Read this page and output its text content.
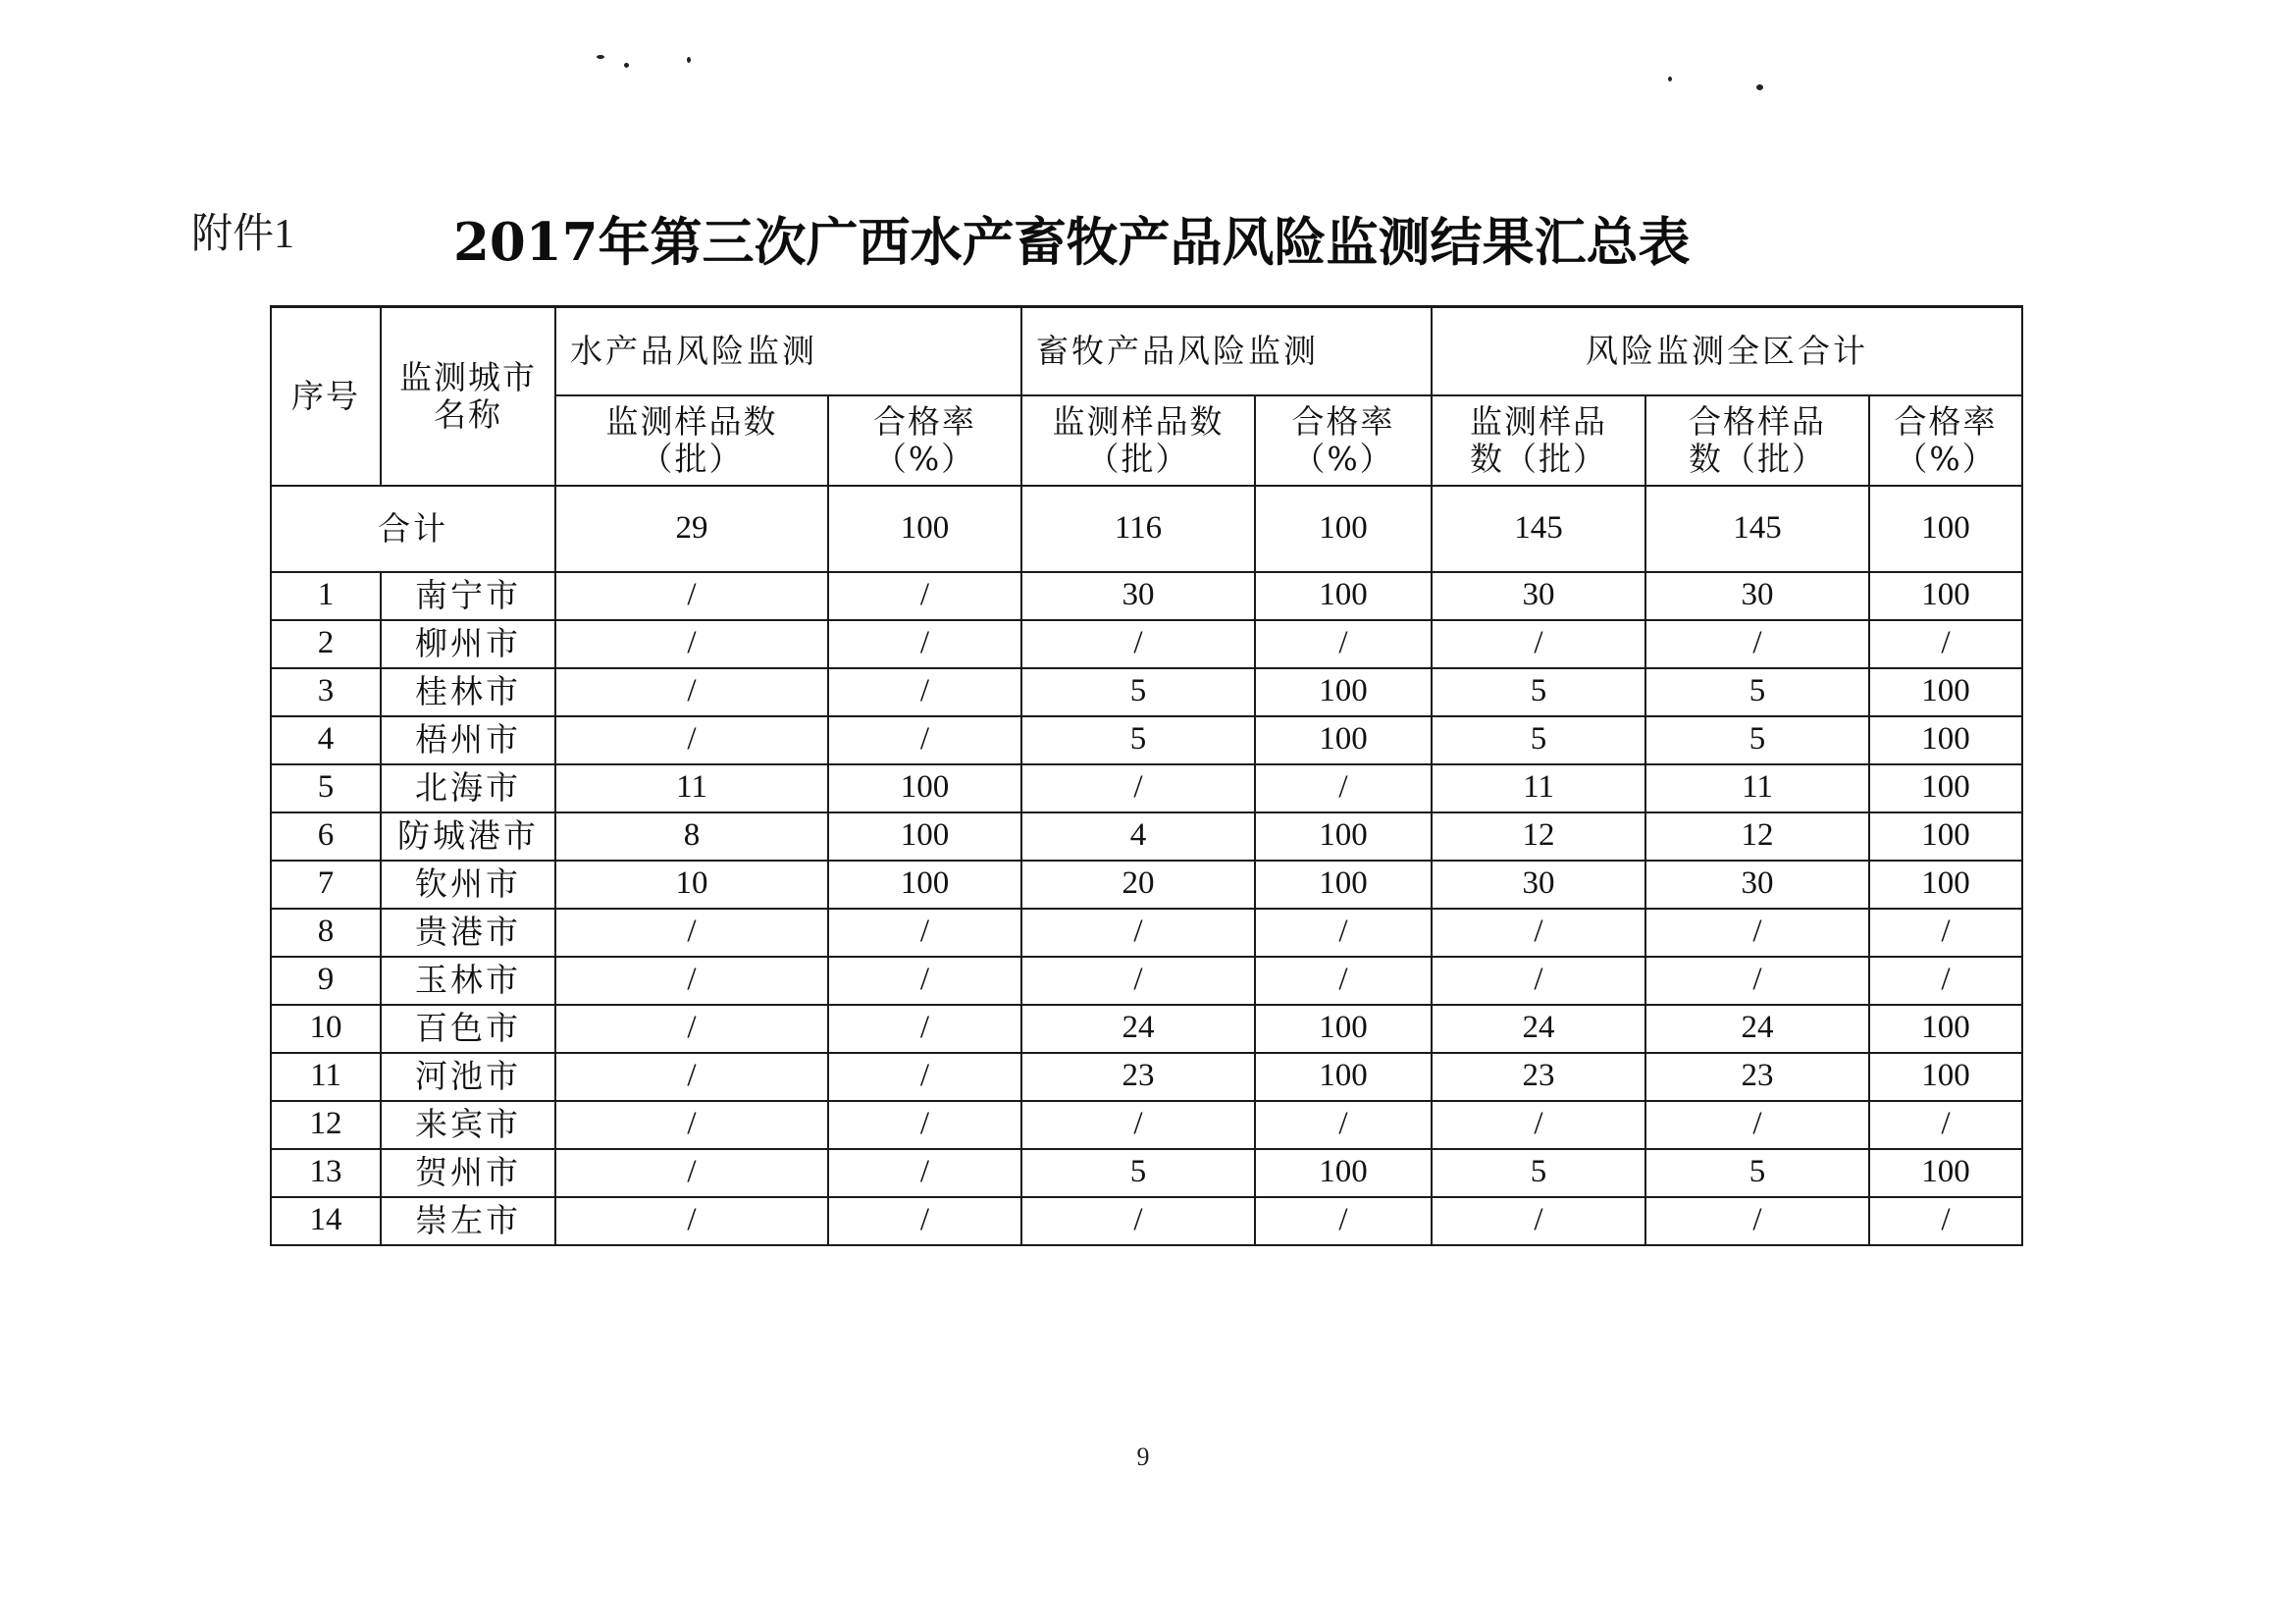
附件1	2017年第三次广西水产畜牧产品风险监测结果汇总表
序号	监测城市名称	水产品风险监测		畜牧产品风险监测		风险监测全区合计		
		监测样品数（批）	合格率（%）	监测样品数（批）	合格率（%）	监测样品数（批）	合格样品数（批）	合格率（%）
合计		29	100	116	100	145	145	100
1	南宁市	/	/	30	100	30	30	100
2	柳州市	/	/	/	/	/	/	/
3	桂林市	/	/	5	100	5	5	100
4	梧州市	/	/	5	100	5	5	100
5	北海市	11	100	/	/	11	11	100
6	防城港市	8	100	4	100	12	12	100
7	钦州市	10	100	20	100	30	30	100
8	贵港市	/	/	/	/	/	/	/
9	玉林市	/	/	/	/	/	/	/
10	百色市	/	/	24	100	24	24	100
11	河池市	/	/	23	100	23	23	100
12	来宾市	/	/	/	/	/	/	/
13	贺州市	/	/	5	100	5	5	100
14	崇左市	/	/	/	/	/	/	/
9
